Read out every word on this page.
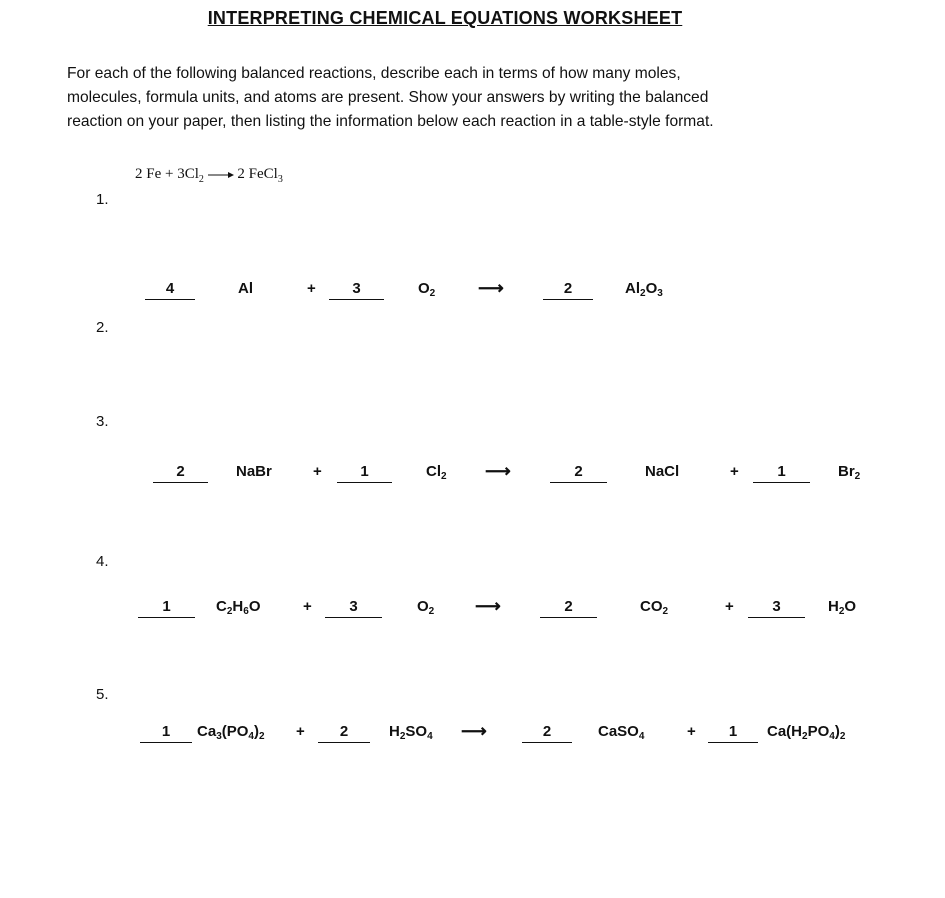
INTERPRETING CHEMICAL EQUATIONS WORKSHEET
For each of the following balanced reactions, describe each in terms of how many moles,
molecules, formula units, and atoms are present. Show your answers by writing the balanced
reaction on your paper, then listing the information below each reaction in a table-style format.
1.
2.
3.
4.
5.
2 $Fe + 3Cl_2 \to 2$ FeCl$_3$
4	Al	+	3	$O_2$ ⟶	2	$Al_2O_3$
2	NaBr	+	1	$Cl_2$ ⟶	2	NaCl	+	1	$Br_2$
1	$C_2H_6O$	+	3	$O_2$ ⟶	2	$CO_2$	+	3	$H_2O$
1	$Ca_3(PO_4)_2$ +	2	$H_2SO_4$ ⟶	2	CaSO$_4$	+	1	$Ca(H_2PO_4)_2$
